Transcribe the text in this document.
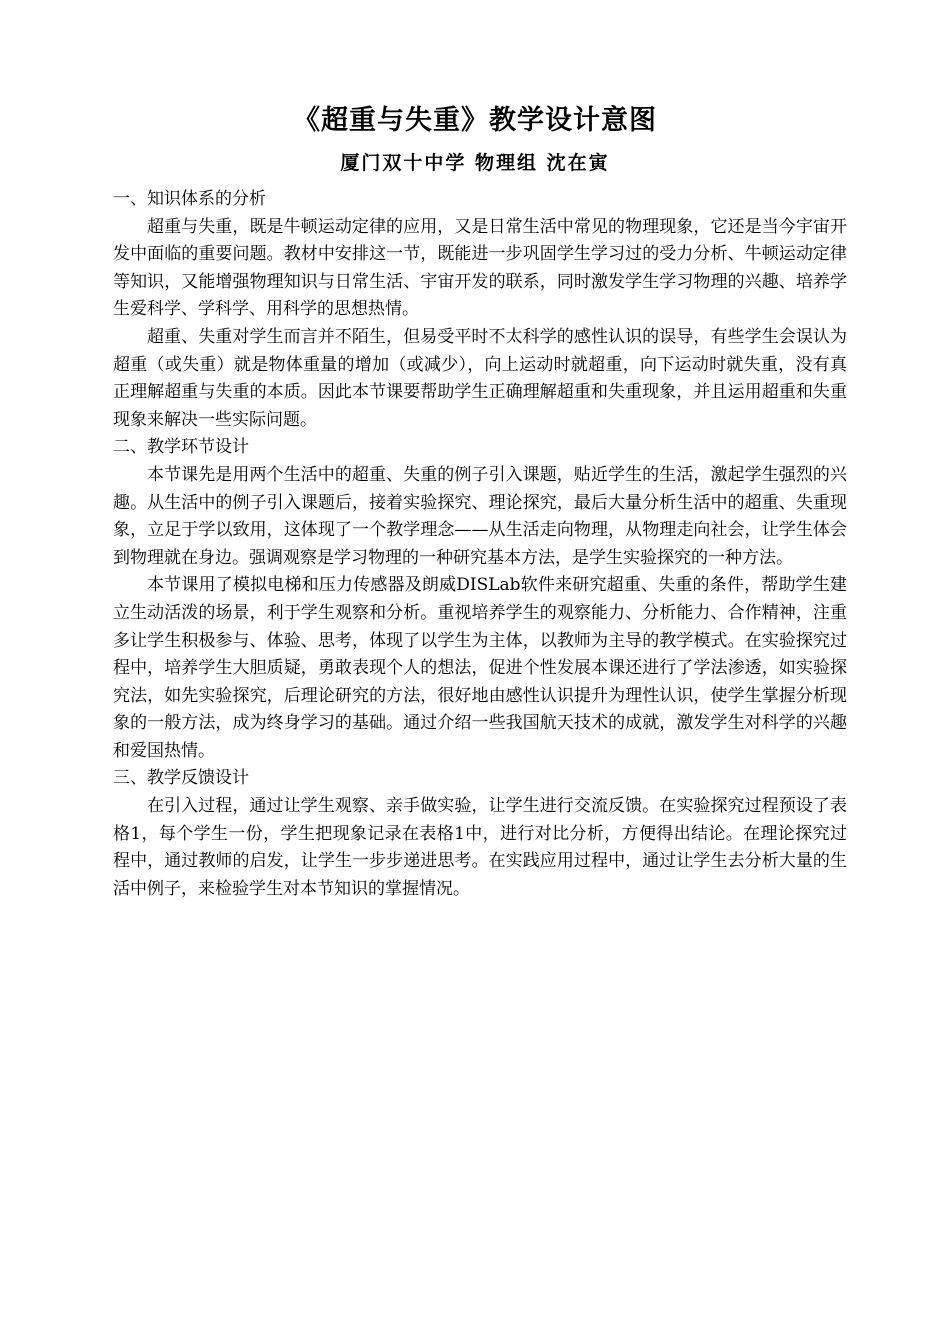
《超重与失重》教学设计意图
厦门双十中学 物理组 沈在寅

一、知识体系的分析

超重与失重，既是牛顿运动定律的应用，又是日常生活中常见的物理现象，它还是当今宇宙开发中面临的重要问题。教材中安排这一节，既能进一步巩固学生学习过的受力分析、牛顿运动定律等知识，又能增强物理知识与日常生活、宇宙开发的联系，同时激发学生学习物理的兴趣、培养学生爱科学、学科学、用科学的思想热情。

超重、失重对学生而言并不陌生，但易受平时不太科学的感性认识的误导，有些学生会误认为超重（或失重）就是物体重量的增加（或减少），向上运动时就超重，向下运动时就失重，没有真正理解超重与失重的本质。因此本节课要帮助学生正确理解超重和失重现象，并且运用超重和失重现象来解决一些实际问题。

二、教学环节设计

本节课先是用两个生活中的超重、失重的例子引入课题，贴近学生的生活，激起学生强烈的兴趣。从生活中的例子引入课题后，接着实验探究、理论探究，最后大量分析生活中的超重、失重现象，立足于学以致用，这体现了一个教学理念——从生活走向物理，从物理走向社会，让学生体会到物理就在身边。强调观察是学习物理的一种研究基本方法，是学生实验探究的一种方法。

本节课用了模拟电梯和压力传感器及朗威DISLab软件来研究超重、失重的条件，帮助学生建立生动活泼的场景，利于学生观察和分析。重视培养学生的观察能力、分析能力、合作精神，注重多让学生积极参与、体验、思考，体现了以学生为主体，以教师为主导的教学模式。在实验探究过程中，培养学生大胆质疑，勇敢表现个人的想法，促进个性发展本课还进行了学法渗透，如实验探究法，如先实验探究，后理论研究的方法，很好地由感性认识提升为理性认识，使学生掌握分析现象的一般方法，成为终身学习的基础。通过介绍一些我国航天技术的成就，激发学生对科学的兴趣和爱国热情。

三、教学反馈设计

在引入过程，通过让学生观察、亲手做实验，让学生进行交流反馈。在实验探究过程预设了表格1，每个学生一份，学生把现象记录在表格1中，进行对比分析，方便得出结论。在理论探究过程中，通过教师的启发，让学生一步步递进思考。在实践应用过程中，通过让学生去分析大量的生活中例子，来检验学生对本节知识的掌握情况。
